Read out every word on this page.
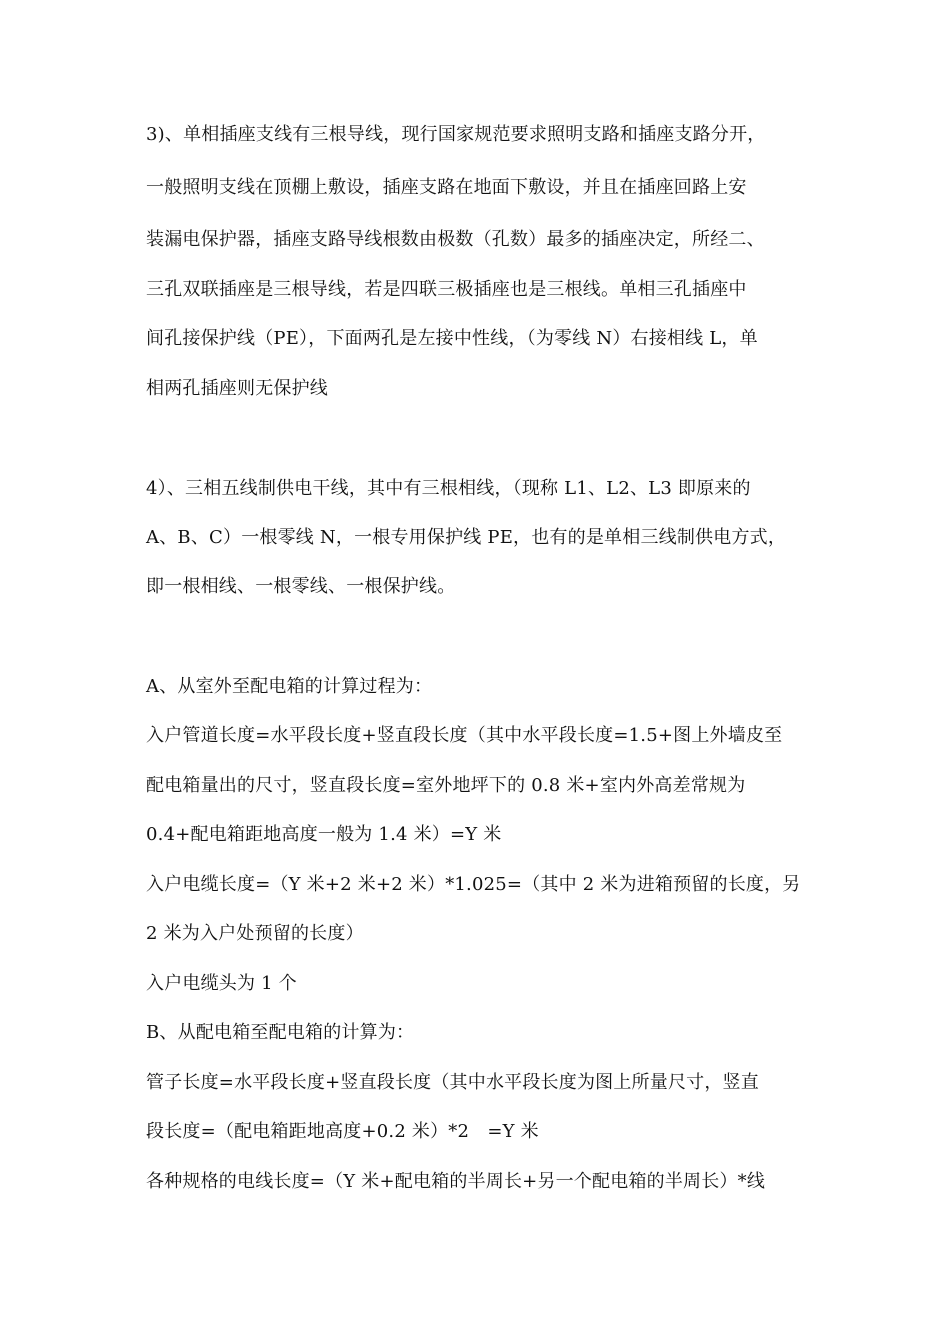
3)、单相插座支线有三根导线，现行国家规范要求照明支路和插座支路分开，
一般照明支线在顶棚上敷设，插座支路在地面下敷设，并且在插座回路上安
装漏电保护器，插座支路导线根数由极数（孔数）最多的插座决定，所经二、
三孔双联插座是三根导线，若是四联三极插座也是三根线。单相三孔插座中
间孔接保护线（PE），下面两孔是左接中性线，（为零线 N）右接相线 L，单
相两孔插座则无保护线
4）、三相五线制供电干线，其中有三根相线，（现称 L1、L2、L3 即原来的
A、B、C）一根零线 N，一根专用保护线 PE，也有的是单相三线制供电方式，
即一根相线、一根零线、一根保护线。
A、从室外至配电箱的计算过程为：
入户管道长度=水平段长度+竖直段长度（其中水平段长度=1.5+图上外墙皮至
配电箱量出的尺寸，竖直段长度=室外地坪下的 0.8 米+室内外高差常规为
0.4+配电箱距地高度一般为 1.4 米）=Y 米
入户电缆长度=（Y 米+2 米+2 米）*1.025=（其中 2 米为进箱预留的长度，另
2 米为入户处预留的长度）
入户电缆头为 1 个
B、从配电箱至配电箱的计算为：
管子长度=水平段长度+竖直段长度（其中水平段长度为图上所量尺寸，竖直
段长度=（配电箱距地高度+0.2 米）*2　=Y 米
各种规格的电线长度=（Y 米+配电箱的半周长+另一个配电箱的半周长）*线
